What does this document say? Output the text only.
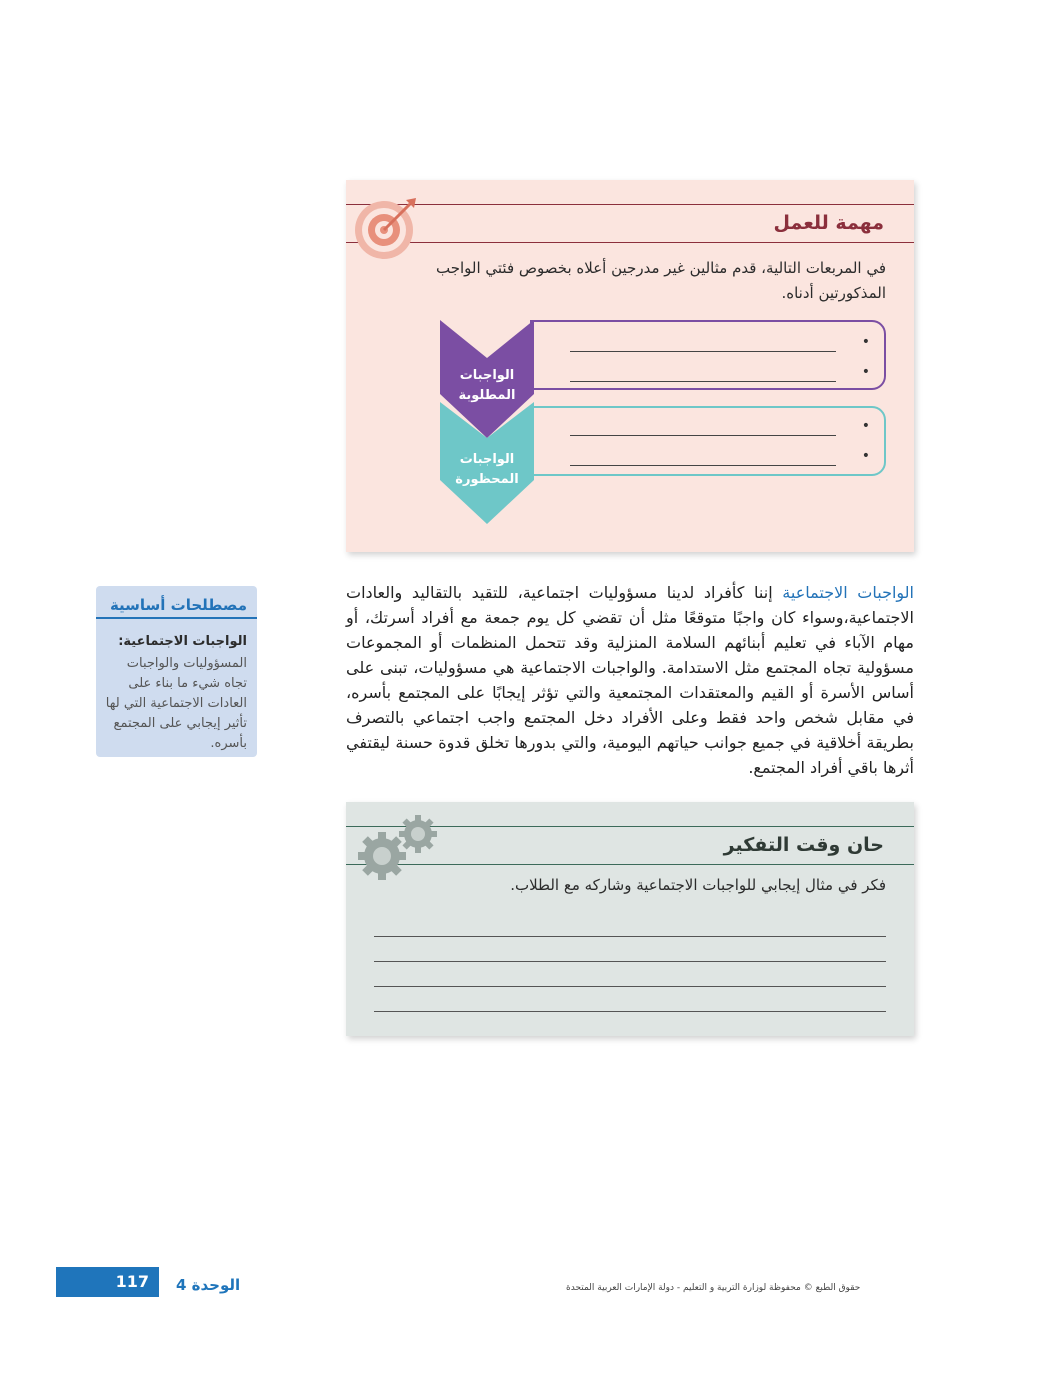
مهمة للعمل
في المربعات التالية، قدم مثالين غير مدرجين أعلاه بخصوص فئتي الواجب المذكورتين أدناه.
•
•
الواجبات المطلوبة
•
•
الواجبات المحظورة
مصطلحات أساسية
الواجبات الاجتماعية:
المسؤوليات والواجبات تجاه شيء ما بناء على العادات الاجتماعية التي لها تأثير إيجابي على المجتمع بأسره.

الواجبات الاجتماعية إننا كأفراد لدينا مسؤوليات اجتماعية، للتقيد بالتقاليد والعادات الاجتماعية،وسواء كان واجبًا متوقعًا مثل أن تقضي كل يوم جمعة مع أفراد أسرتك، أو مهام الآباء في تعليم أبنائهم السلامة المنزلية وقد تتحمل المنظمات أو المجموعات مسؤولية تجاه المجتمع مثل الاستدامة. والواجبات الاجتماعية هي مسؤوليات، تبنى على أساس الأسرة أو القيم والمعتقدات المجتمعية والتي تؤثر إيجابًا على المجتمع بأسره، في مقابل شخص واحد فقط وعلى الأفراد دخل المجتمع واجب اجتماعي بالتصرف بطريقة أخلاقية في جميع جوانب حياتهم اليومية، والتي بدورها تخلق قدوة حسنة ليقتفي أثرها باقي أفراد المجتمع.

حان وقت التفكير
فكر في مثال إيجابي للواجبات الاجتماعية وشاركه مع الطلاب.
117 الوحدة 4	حقوق الطبع © محفوظة لوزارة التربية و التعليم - دولة الإمارات العربية المتحدة
